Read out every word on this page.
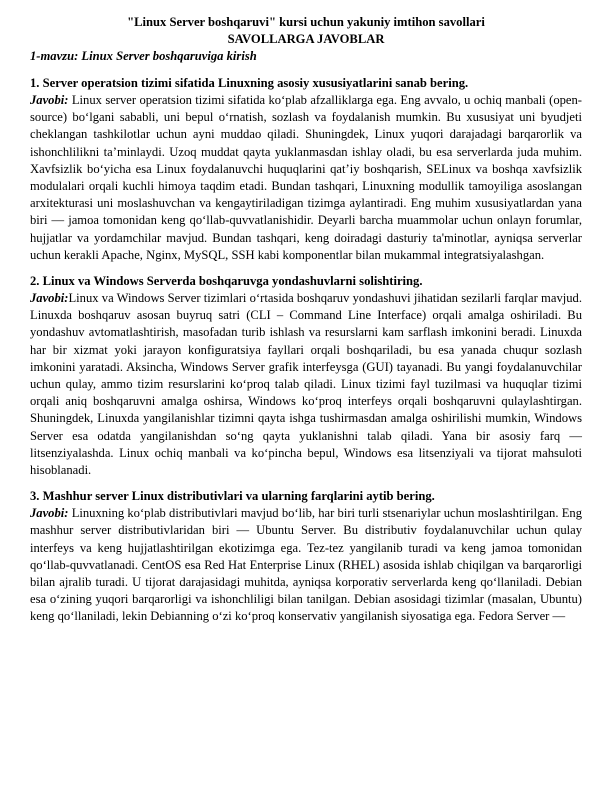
"Linux Server boshqaruvi" kursi uchun yakuniy imtihon savollari

SAVOLLARGA JAVOBLAR

1-mavzu: Linux Server boshqaruviga kirish

1. Server operatsion tizimi sifatida Linuxning asosiy xususiyatlarini sanab bering.

Javobi: Linux server operatsion tizimi sifatida ko‘plab afzalliklarga ega. Eng avvalo, u ochiq manbali (open-source) bo‘lgani sababli, uni bepul o‘rnatish, sozlash va foydalanish mumkin. Bu xususiyat uni byudjeti cheklangan tashkilotlar uchun ayni muddao qiladi. Shuningdek, Linux yuqori darajadagi barqarorlik va ishonchlilikni ta’minlaydi. Uzoq muddat qayta yuklanmasdan ishlay oladi, bu esa serverlarda juda muhim. Xavfsizlik bo‘yicha esa Linux foydalanuvchi huquqlarini qat’iy boshqarish, SELinux va boshqa xavfsizlik modulalari orqali kuchli himoya taqdim etadi. Bundan tashqari, Linuxning modullik tamoyiliga asoslangan arxitekturasi uni moslashuvchan va kengaytiriladigan tizimga aylantiradi. Eng muhim xususiyatlardan yana biri — jamoa tomonidan keng qo‘llab-quvvatlanishidir. Deyarli barcha muammolar uchun onlayn forumlar, hujjatlar va yordamchilar mavjud. Bundan tashqari, keng doiradagi dasturiy ta'minotlar, ayniqsa serverlar uchun kerakli Apache, Nginx, MySQL, SSH kabi komponentlar bilan mukammal integratsiyalashgan.

2. Linux va Windows Serverda boshqaruvga yondashuvlarni solishtiring.

Javobi:Linux va Windows Server tizimlari o‘rtasida boshqaruv yondashuvi jihatidan sezilarli farqlar mavjud. Linuxda boshqaruv asosan buyruq satri (CLI – Command Line Interface) orqali amalga oshiriladi. Bu yondashuv avtomatlashtirish, masofadan turib ishlash va resurslarni kam sarflash imkonini beradi. Linuxda har bir xizmat yoki jarayon konfiguratsiya fayllari orqali boshqariladi, bu esa yanada chuqur sozlash imkonini yaratadi. Aksincha, Windows Server grafik interfeysga (GUI) tayanadi. Bu yangi foydalanuvchilar uchun qulay, ammo tizim resurslarini ko‘proq talab qiladi. Linux tizimi fayl tuzilmasi va huquqlar tizimi orqali aniq boshqaruvni amalga oshirsa, Windows ko‘proq interfeys orqali boshqaruvni qulaylashtirgan. Shuningdek, Linuxda yangilanishlar tizimni qayta ishga tushirmasdan amalga oshirilishi mumkin, Windows Server esa odatda yangilanishdan so‘ng qayta yuklanishni talab qiladi. Yana bir asosiy farq — litsenziyalashda. Linux ochiq manbali va ko‘pincha bepul, Windows esa litsenziyali va tijorat mahsuloti hisoblanadi.

3. Mashhur server Linux distributivlari va ularning farqlarini aytib bering.

Javobi: Linuxning ko‘plab distributivlari mavjud bo‘lib, har biri turli stsenariylar uchun moslashtirilgan. Eng mashhur server distributivlaridan biri — Ubuntu Server. Bu distributiv foydalanuvchilar uchun qulay interfeys va keng hujjatlashtirilgan ekotizimga ega. Tez-tez yangilanib turadi va keng jamoa tomonidan qo‘llab-quvvatlanadi. CentOS esa Red Hat Enterprise Linux (RHEL) asosida ishlab chiqilgan va barqarorligi bilan ajralib turadi. U tijorat darajasidagi muhitda, ayniqsa korporativ serverlarda keng qo‘llaniladi. Debian esa o‘zining yuqori barqarorligi va ishonchliligi bilan tanilgan. Debian asosidagi tizimlar (masalan, Ubuntu) keng qo‘llaniladi, lekin Debianning o‘zi ko‘proq konservativ yangilanish siyosatiga ega. Fedora Server —
